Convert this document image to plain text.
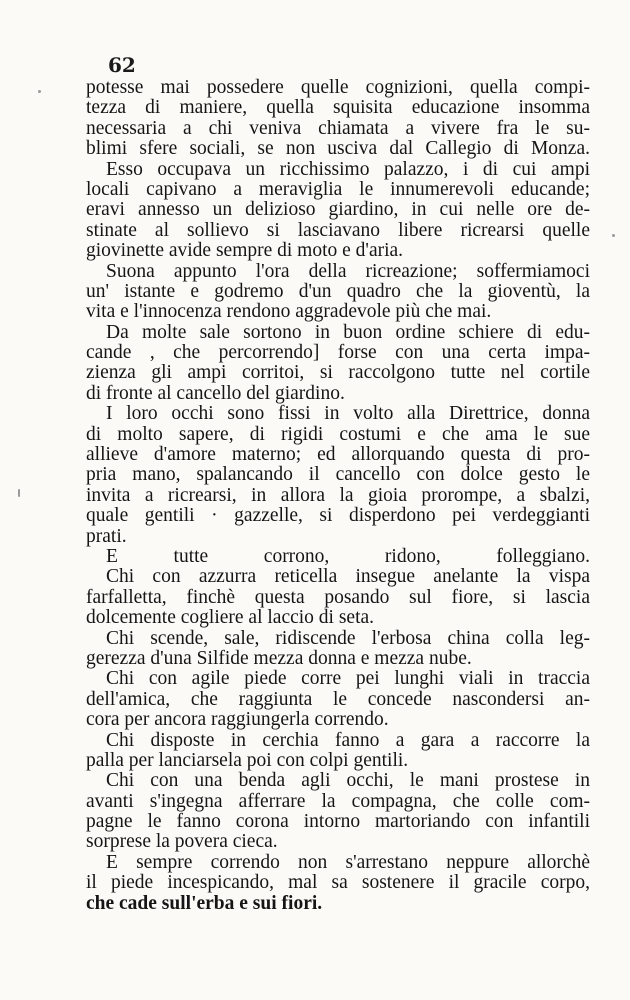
62
potesse mai possedere quelle cognizioni, quella compi-
tezza di maniere, quella squisita educazione insomma
necessaria a chi veniva chiamata a vivere fra le su-
blimi sfere sociali, se non usciva dal Callegio di Monza.
Esso occupava un ricchissimo palazzo, i di cui ampi
locali capivano a meraviglia le innumerevoli educande;
eravi annesso un delizioso giardino, in cui nelle ore de-
stinate al sollievo si lasciavano libere ricrearsi quelle
giovinette avide sempre di moto e d'aria.
Suona appunto l'ora della ricreazione; soffermiamoci
un' istante e godremo d'un quadro che la gioventù, la
vita e l'innocenza rendono aggradevole più che mai.
Da molte sale sortono in buon ordine schiere di edu-
cande , che percorrendo] forse con una certa impa-
zienza gli ampi corritoi, si raccolgono tutte nel cortile
di fronte al cancello del giardino.
I loro occhi sono fissi in volto alla Direttrice, donna
di molto sapere, di rigidi costumi e che ama le sue
allieve d'amore materno; ed allorquando questa di pro-
pria mano, spalancando il cancello con dolce gesto le
invita a ricrearsi, in allora la gioia prorompe, a sbalzi,
quale gentili · gazzelle, si disperdono pei verdeggianti
prati.
E tutte corrono, ridono, folleggiano.
Chi con azzurra reticella insegue anelante la vispa
farfalletta, finchè questa posando sul fiore, si lascia
dolcemente cogliere al laccio di seta.
Chi scende, sale, ridiscende l'erbosa china colla leg-
gerezza d'una Silfide mezza donna e mezza nube.
Chi con agile piede corre pei lunghi viali in traccia
dell'amica, che raggiunta le concede nascondersi an-
cora per ancora raggiungerla correndo.
Chi disposte in cerchia fanno a gara a raccorre la
palla per lanciarsela poi con colpi gentili.
Chi con una benda agli occhi, le mani prostese in
avanti s'ingegna afferrare la compagna, che colle com-
pagne le fanno corona intorno martoriando con infantili
sorprese la povera cieca.
E sempre correndo non s'arrestano neppure allorchè
il piede incespicando, mal sa sostenere il gracile corpo,
che cade sull'erba e sui fiori.
